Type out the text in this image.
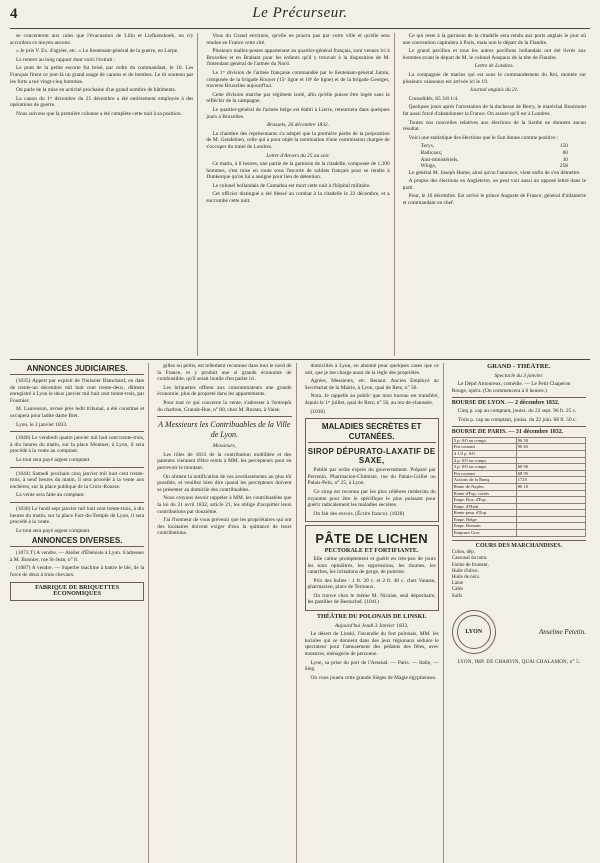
4	Le Précurseur.

se concentrent aux cales que l'évacuation de Lillo et Liefkenshoek, on n'y accordera ce moyen aucune.

« Je pris V. Ex. d'agréer, etc. » Le lieutenant-général de la guerre, en Lorpe.

Le rentrer au long rapport dont voici l'extrait :

Le pont de la petite escorte fut brisé, par ordre du commandant, le 16. Les Français firent ce jour-là un grand usage de canons et de bombes. Le tir soutenu par les forts a tué vingt-cinq hommes.

On parle de la mise en activité prochaine d'un grand nombre de bâtiments.

La canon du 1ᵉʳ décembre du 25 décembre a été entièrement employée à des opérations de guerre.

Nous suivons que la première colonne a été complète cette nuit à sa position.

Vous du Grand environs, qu'elle ne pourra pas par votre ville et qu'elle sera rendue en France cette cité.

Plusieurs malles-postes appartenant au quartier-général français, sont venues ici à Bruxelles et en Brabant pour les enfants qu'il y trouvait à la disposition de M. l'intendant général de l'armée du Nord.

Le 1ᵉʳ division de l'armée française commandée par le lieutenant-général Jamin, composée de la brigade Rouyer (15ᵉ ligne et 18ᵉ de ligne) et de la brigade Georges, traverse Bruxelles aujourd'hui.

Cette division marche par régiment isolé, afin qu'elle puisse être logée sans la réfléchir de la campagne.

Le quartier-général de l'armée belge est établi à Lierre, retournera dans quelques jours à Bruxelles.

Brussels, 26 décembre 1832.

La chambre des représentants s'a adopté que la première partie de la proposition de M. Gendebien, celle qui a pour objet la nomination d'une commission chargée de s'occuper du traité de Londres.

Lettre d'Anvers du 25 au soir.

Ce matin, à 8 heures, une partie de la garnison de la citadelle, composée de 1,300 hommes, s'est mise en route sous l'escorte de soldats français pour se rendre à Dunkerque qu'on lui a assigné pour lieu de détention.

Le colonel hollandais de Cantadou est mort cette nuit à l'hôpital militaire.

Cet officier distingué a été blessé au combat à la citadelle le 22 décembre, et a succombé cette nuit.

Ce qui reste à la garnison de la citadelle sera rendu aux ports anglais le jour où une convention capitulera à Paris, mais non le départ de la Flandre.

Le grand pavillon et tous les autres pavillons hollandais ont été livrés aux hommes avant le départ de M. le colonel Anspaux de la tête de Flandre.

Lettre de Londres.

La compagnie de marins qui est sous le commandement du Roi, montée sur plusieurs vaisseaux est arrivée ici le 19.

Journal anglais du 21.

Consolidés, 85 3/8 1/4.

Quelques jours après l'arrestation de la duchesse de Berry, le maréchal Bourmont fut aussi forcé d'abandonner la France. On assure qu'il est à Londres.

Toutes nos nouvelles relatives aux élections de la Sarthe ne donnent aucun résultat.

Voici une statistique des élections que le Sun donne comme positive :

Torys,	150
Radicaux,	60
Anti-ministériels,	30
Whigs,	258

Le général M. Joseph Hume, ainsi qu'on l'annonce, vient enfin de s'en démettre.

A propos des élections en Angleterre, on peut voir aussi un opposé lettré dans le parti.

Pour, le 16 décembre. Est arrivé le prince Auguste de France, général d'infanterie et commandant en chef.

ANNONCES JUDICIAIRES.

(1035) Appert par exploit de l'huissier Blanchard, en date de trente-un décembre mil huit cent trente-deux, dûment enregistré à Lyon le deux janvier mil huit cent trente-trois, par Fournier.

M. Laurenson, avoué près ledit tribunal, a été constitué et occupera pour ladite dame Bret.

Lyon, le 2 janvier 1833.

(1040) Le vendredi quatre janvier mil huit cent trente-trois, à dix heures du matin, sur la place Montuer, à Lyon, il sera procédé à la vente au comptant.

Le tout sera payé argent comptant.

(1044) Samedi prochain cinq janvier mil huit cent trente-trois, à neuf heures du matin, il sera procédé à la vente aux enchères, sur la place publique de la Croix-Rousse.

La vente sera faite au comptant.

(1036) Le lundi sept janvier mil huit cent trente-trois, à dix heures du matin, sur la place Fort-du-Temple de Lyon, il sera procédé à la vente.

Le tout sera payé argent comptant.

ANNONCES DIVERSES.

(1073 T) A vendre. — Atelier d'Ébéniste à Lyon. S'adresser à M. Bonnier, rue St-Jean, n° 8.

(1087) A vendre. — Superbe machine à battre le blé, de la force de deux à trois chevaux.

FABRIQUE DE BRIQUETTES ÉCONOMIQUES

gilles ou petits, est tellement reconnue dans tout le nord de la France, et y produit une si grande économie de combustible, qu'il serait inutile d'en parler ici.

Les briquettes offrent aux consommateurs une grande économie, plus de propreté dans les appartements.

Pour tout ce qui concerne la vente, s'adresser à l'entrepôt du charbon, Grande-Rue, n° 80, chez M. Rostan, à Vaise.

A Messieurs les Contribuables de la Ville de Lyon.
Messieurs,

Les rôles de 1833 de la contribution mobilière et des patentes viennent d'être remis à MM. les percepteurs pour en percevoir le montant.

On obtient la notification de ces avertissements au plus tôt possible, et veuillez bien dire quand les percepteurs doivent se présenter au domicile des contribuables.

Nous croyons devoir rappeler à MM. les contribuables que la loi du 21 avril 1832, article 21, les oblige d'acquitter leurs contributions par douzième.

J'ai l'honneur de vous prévenir que les propriétaires qui ont des locataires doivent exiger d'eux la quittance de leurs contributions.

domiciliés à Lyon, en abonné pour quelques cases que ce soit, que je me charge aussi de la règle des propriétés.

Agrées, Messieurs, etc. Benaut. Ancien Employé au Secrétariat de la Mairie, à Lyon, quai de Retz, n° 56.

Nota. Je rappelle au public que mon bureau est transféré, depuis le 1ᵉʳ juillet, quai de Retz, n° 56, au rez-de-chaussée.

(1038)

MALADIES SECRÈTES ET CUTANÉES.
SIROP DÉPURATO-LAXATIF DE SAXE,

Publié par ordre exprès du gouvernement. Préparé par Perrenin, Pharmacien-Chimiste, rue du Palais-Grillet ou Palais-Pelu, n° 25, à Lyon.

Ce sirop est reconnu par les plus célèbres médecins du royaume pour être le spécifique le plus puissant pour guérir radicalement les maladies secrètes.

On fait des envois. (Écrire franco). (1028)

PÂTE DE LICHEN
PECTORALE ET FORTIFIANTE.

Elle calme promptement et guérit en très-peu de jours les toux opiniâtres, les oppressions, les rhumes, les catarrhes, les irritations de gorge, de poitrine.

Prix des boîtes : 1 fr. 20 c. et 2 fr. 40 c. chez Vaneau, pharmacien, place de Terreaux.

On trouve chez le même M. Nicaise, seul dépositaire, les pastilles de Bestuchef. (1041)

THÉÂTRE DU POLONAIS DE LINSKI.
Aujourd'hui Jeudi 3 Janvier 1833,

Le désert de Linski, l'incendie du fort polonais, MM. les lucioles qui se donnent dans des jeux régionaux séduire le spectateur pour l'amusement des pédants des fêtes, avec monstres, ménagerie de personne.

Lyon, sa prise du port de l'Arsenal. — Paris. — Italie, — Sieg.

On vous jouera cette grande Sièges de Magie égyptiennes.

GRAND - THÉÂTRE.
Spectacle du 3 janvier.

Le Dépit Amoureux, comédie. — Le Petit Chaperon Rouge, opéra. (On commencera à 6 heures.)

BOURSE DE LYON. — 2 décembre 1832.

Cinq p. cap au comptant, jouiss. du 22 sept. 96 fr. 25 c.

Trois p. cap au comptant, jouiss. du 22 juin. 68 fr. 50 c.

BOURSE DE PARIS. — 31 décembre 1832.
5 p. 0/0 au compt.	96 50
Fin courant	96 65
4 1/2 p. 0/0	
4 p. 0/0 au compt.	
3 p. 0/0 au compt.	68 90
Fin courant	68 95
Actions de la Banq.	1725
Rente de Naples	80 10
Rente d'Esp. cortès	
Empr. Roy. d'Esp.	
Empr. d'Haïti	
Rente perp. d'Esp.	
Empr. Belge	
Empr. Romain	
Emprunt Grec	
COURS DES MARCHANDISES.
Colon, dép.
Cassonal du nom.
Farine de froment.
Huile d'olive.
Huile de noix.
Laine
Cafés
Suifs
LYON	Anselme Petetin.
LYON, IMP. DE CHARVIN, QUAI CHALAMON, n° 5.
